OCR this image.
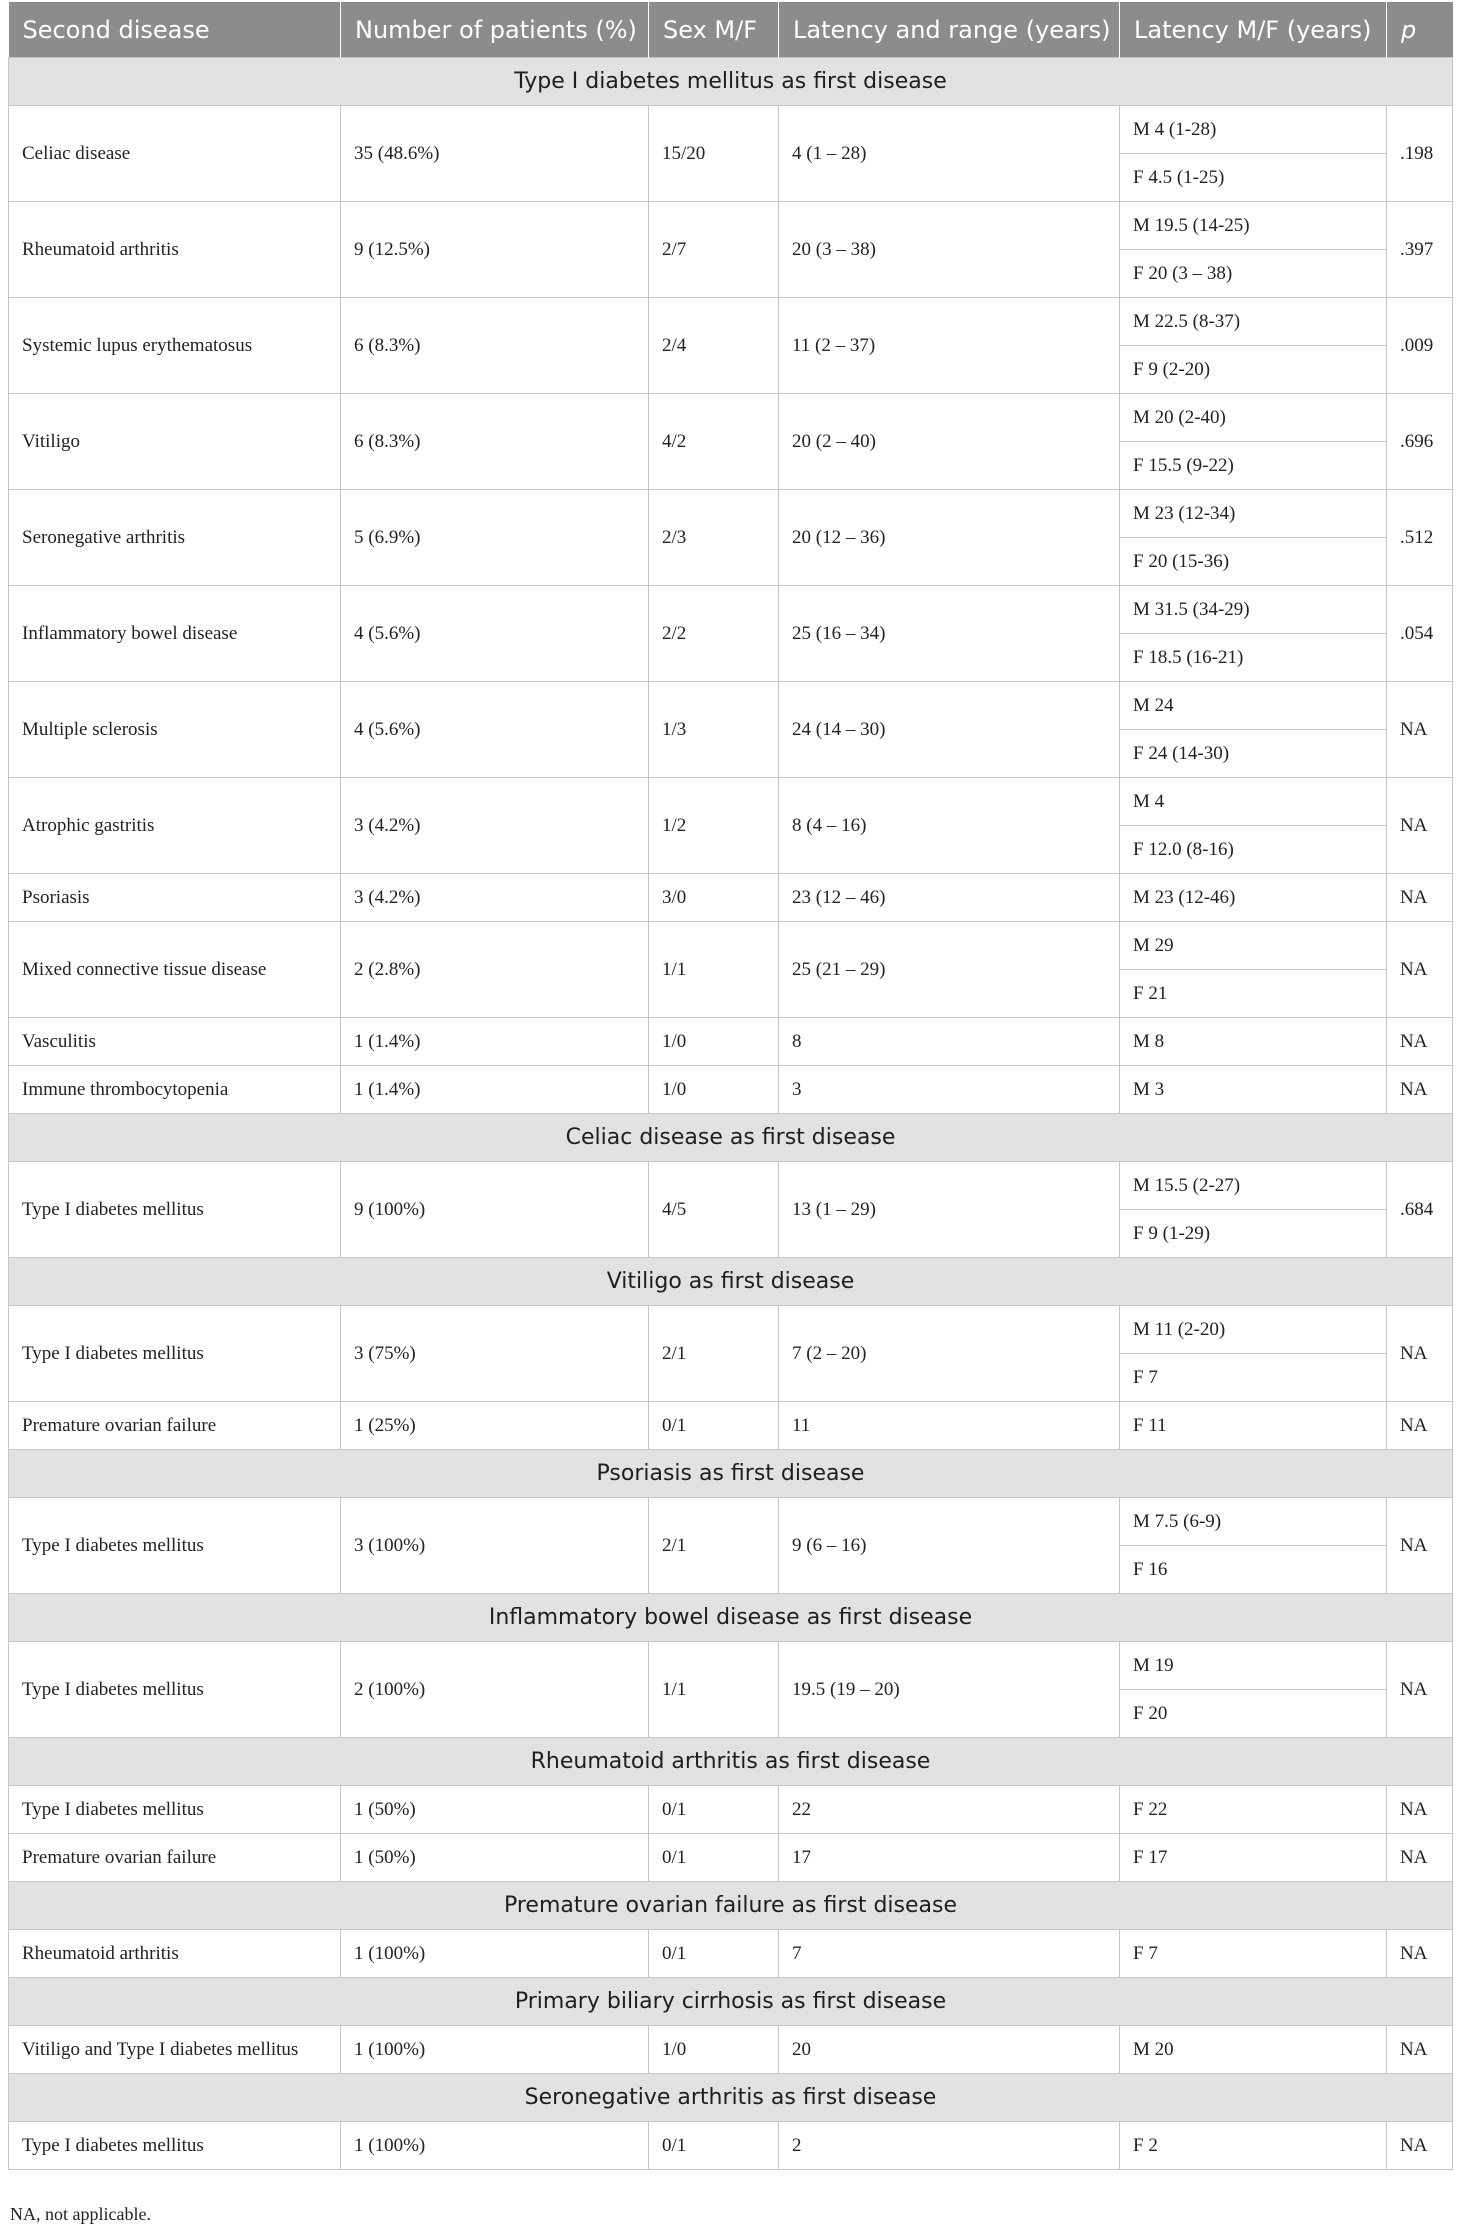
Second disease	Number of patients (%)	Sex M/F	Latency and range (years)	Latency M/F (years)	p
Type I diabetes mellitus as first disease					
Celiac disease	35 (48.6%)	15/20	4 (1 – 28)	M 4 (1-28)	.198
				F 4.5 (1-25)	
Rheumatoid arthritis	9 (12.5%)	2/7	20 (3 – 38)	M 19.5 (14-25)	.397
				F 20 (3 – 38)	
Systemic lupus erythematosus	6 (8.3%)	2/4	11 (2 – 37)	M 22.5 (8-37)	.009
				F 9 (2-20)	
Vitiligo	6 (8.3%)	4/2	20 (2 – 40)	M 20 (2-40)	.696
				F 15.5 (9-22)	
Seronegative arthritis	5 (6.9%)	2/3	20 (12 – 36)	M 23 (12-34)	.512
				F 20 (15-36)	
Inflammatory bowel disease	4 (5.6%)	2/2	25 (16 – 34)	M 31.5 (34-29)	.054
				F 18.5 (16-21)	
Multiple sclerosis	4 (5.6%)	1/3	24 (14 – 30)	M 24	NA
				F 24 (14-30)	
Atrophic gastritis	3 (4.2%)	1/2	8 (4 – 16)	M 4	NA
				F 12.0 (8-16)	
Psoriasis	3 (4.2%)	3/0	23 (12 – 46)	M 23 (12-46)	NA
Mixed connective tissue disease	2 (2.8%)	1/1	25 (21 – 29)	M 29	NA
				F 21	
Vasculitis	1 (1.4%)	1/0	8	M 8	NA
Immune thrombocytopenia	1 (1.4%)	1/0	3	M 3	NA
Celiac disease as first disease					
Type I diabetes mellitus	9 (100%)	4/5	13 (1 – 29)	M 15.5 (2-27)	.684
				F 9 (1-29)	
Vitiligo as first disease					
Type I diabetes mellitus	3 (75%)	2/1	7 (2 – 20)	M 11 (2-20)	NA
				F 7	
Premature ovarian failure	1 (25%)	0/1	11	F 11	NA
Psoriasis as first disease					
Type I diabetes mellitus	3 (100%)	2/1	9 (6 – 16)	M 7.5 (6-9)	NA
				F 16	
Inflammatory bowel disease as first disease					
Type I diabetes mellitus	2 (100%)	1/1	19.5 (19 – 20)	M 19	NA
				F 20	
Rheumatoid arthritis as first disease					
Type I diabetes mellitus	1 (50%)	0/1	22	F 22	NA
Premature ovarian failure	1 (50%)	0/1	17	F 17	NA
Premature ovarian failure as first disease					
Rheumatoid arthritis	1 (100%)	0/1	7	F 7	NA
Primary biliary cirrhosis as first disease					
Vitiligo and Type I diabetes mellitus	1 (100%)	1/0	20	M 20	NA
Seronegative arthritis as first disease					
Type I diabetes mellitus	1 (100%)	0/1	2	F 2	NA
NA, not applicable.
